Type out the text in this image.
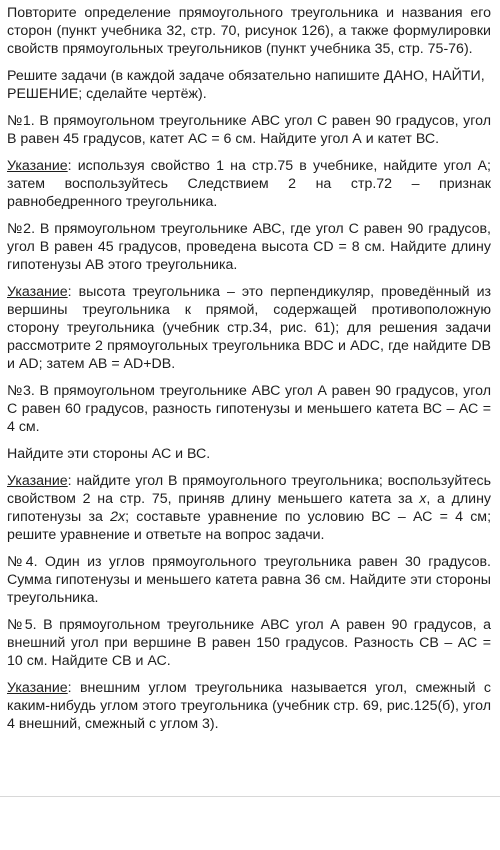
Повторите определение прямоугольного треугольника и названия его сторон (пункт учебника 32, стр. 70, рисунок 126), а также формулировки свойств прямоугольных треугольников (пункт учебника 35, стр. 75-76).

Решите задачи (в каждой задаче обязательно напишите ДАНО, НАЙТИ, РЕШЕНИЕ; сделайте чертёж).

№1. В прямоугольном треугольнике АВС угол С равен 90 градусов, угол В равен 45 градусов, катет АС = 6 см. Найдите угол А и катет ВС.

Указание: используя свойство 1 на стр.75 в учебнике, найдите угол А; затем воспользуйтесь Следствием 2 на стр.72 – признак равнобедренного треугольника.

№2. В прямоугольном треугольнике АВС, где угол С равен 90 градусов, угол В равен 45 градусов, проведена высота CD = 8 см. Найдите длину гипотенузы АВ этого треугольника.

Указание: высота треугольника – это перпендикуляр, проведённый из вершины треугольника к прямой, содержащей противоположную сторону треугольника (учебник стр.34, рис. 61); для решения задачи рассмотрите 2 прямоугольных треугольника BDC и ADC, где найдите DB и AD; затем АВ = AD+DB.

№3. В прямоугольном треугольнике АВС угол А равен 90 градусов, угол С равен 60 градусов, разность гипотенузы и меньшего катета ВС – АС = 4 см.

Найдите эти стороны АС и ВС.

Указание: найдите угол В прямоугольного треугольника; воспользуйтесь свойством 2 на стр. 75, приняв длину меньшего катета за х, а длину гипотенузы за 2х; составьте уравнение по условию ВС – АС = 4 см; решите уравнение и ответьте на вопрос задачи.

№4. Один из углов прямоугольного треугольника равен 30 градусов. Сумма гипотенузы и меньшего катета равна 36 см. Найдите эти стороны треугольника.

№5. В прямоугольном треугольнике АВС угол А равен 90 градусов, а внешний угол при вершине В равен 150 градусов. Разность СВ – АС = 10 см. Найдите СВ и АС.

Указание: внешним углом треугольника называется угол, смежный с каким-нибудь углом этого треугольника (учебник стр. 69, рис.125(б), угол 4 внешний, смежный с углом 3).
